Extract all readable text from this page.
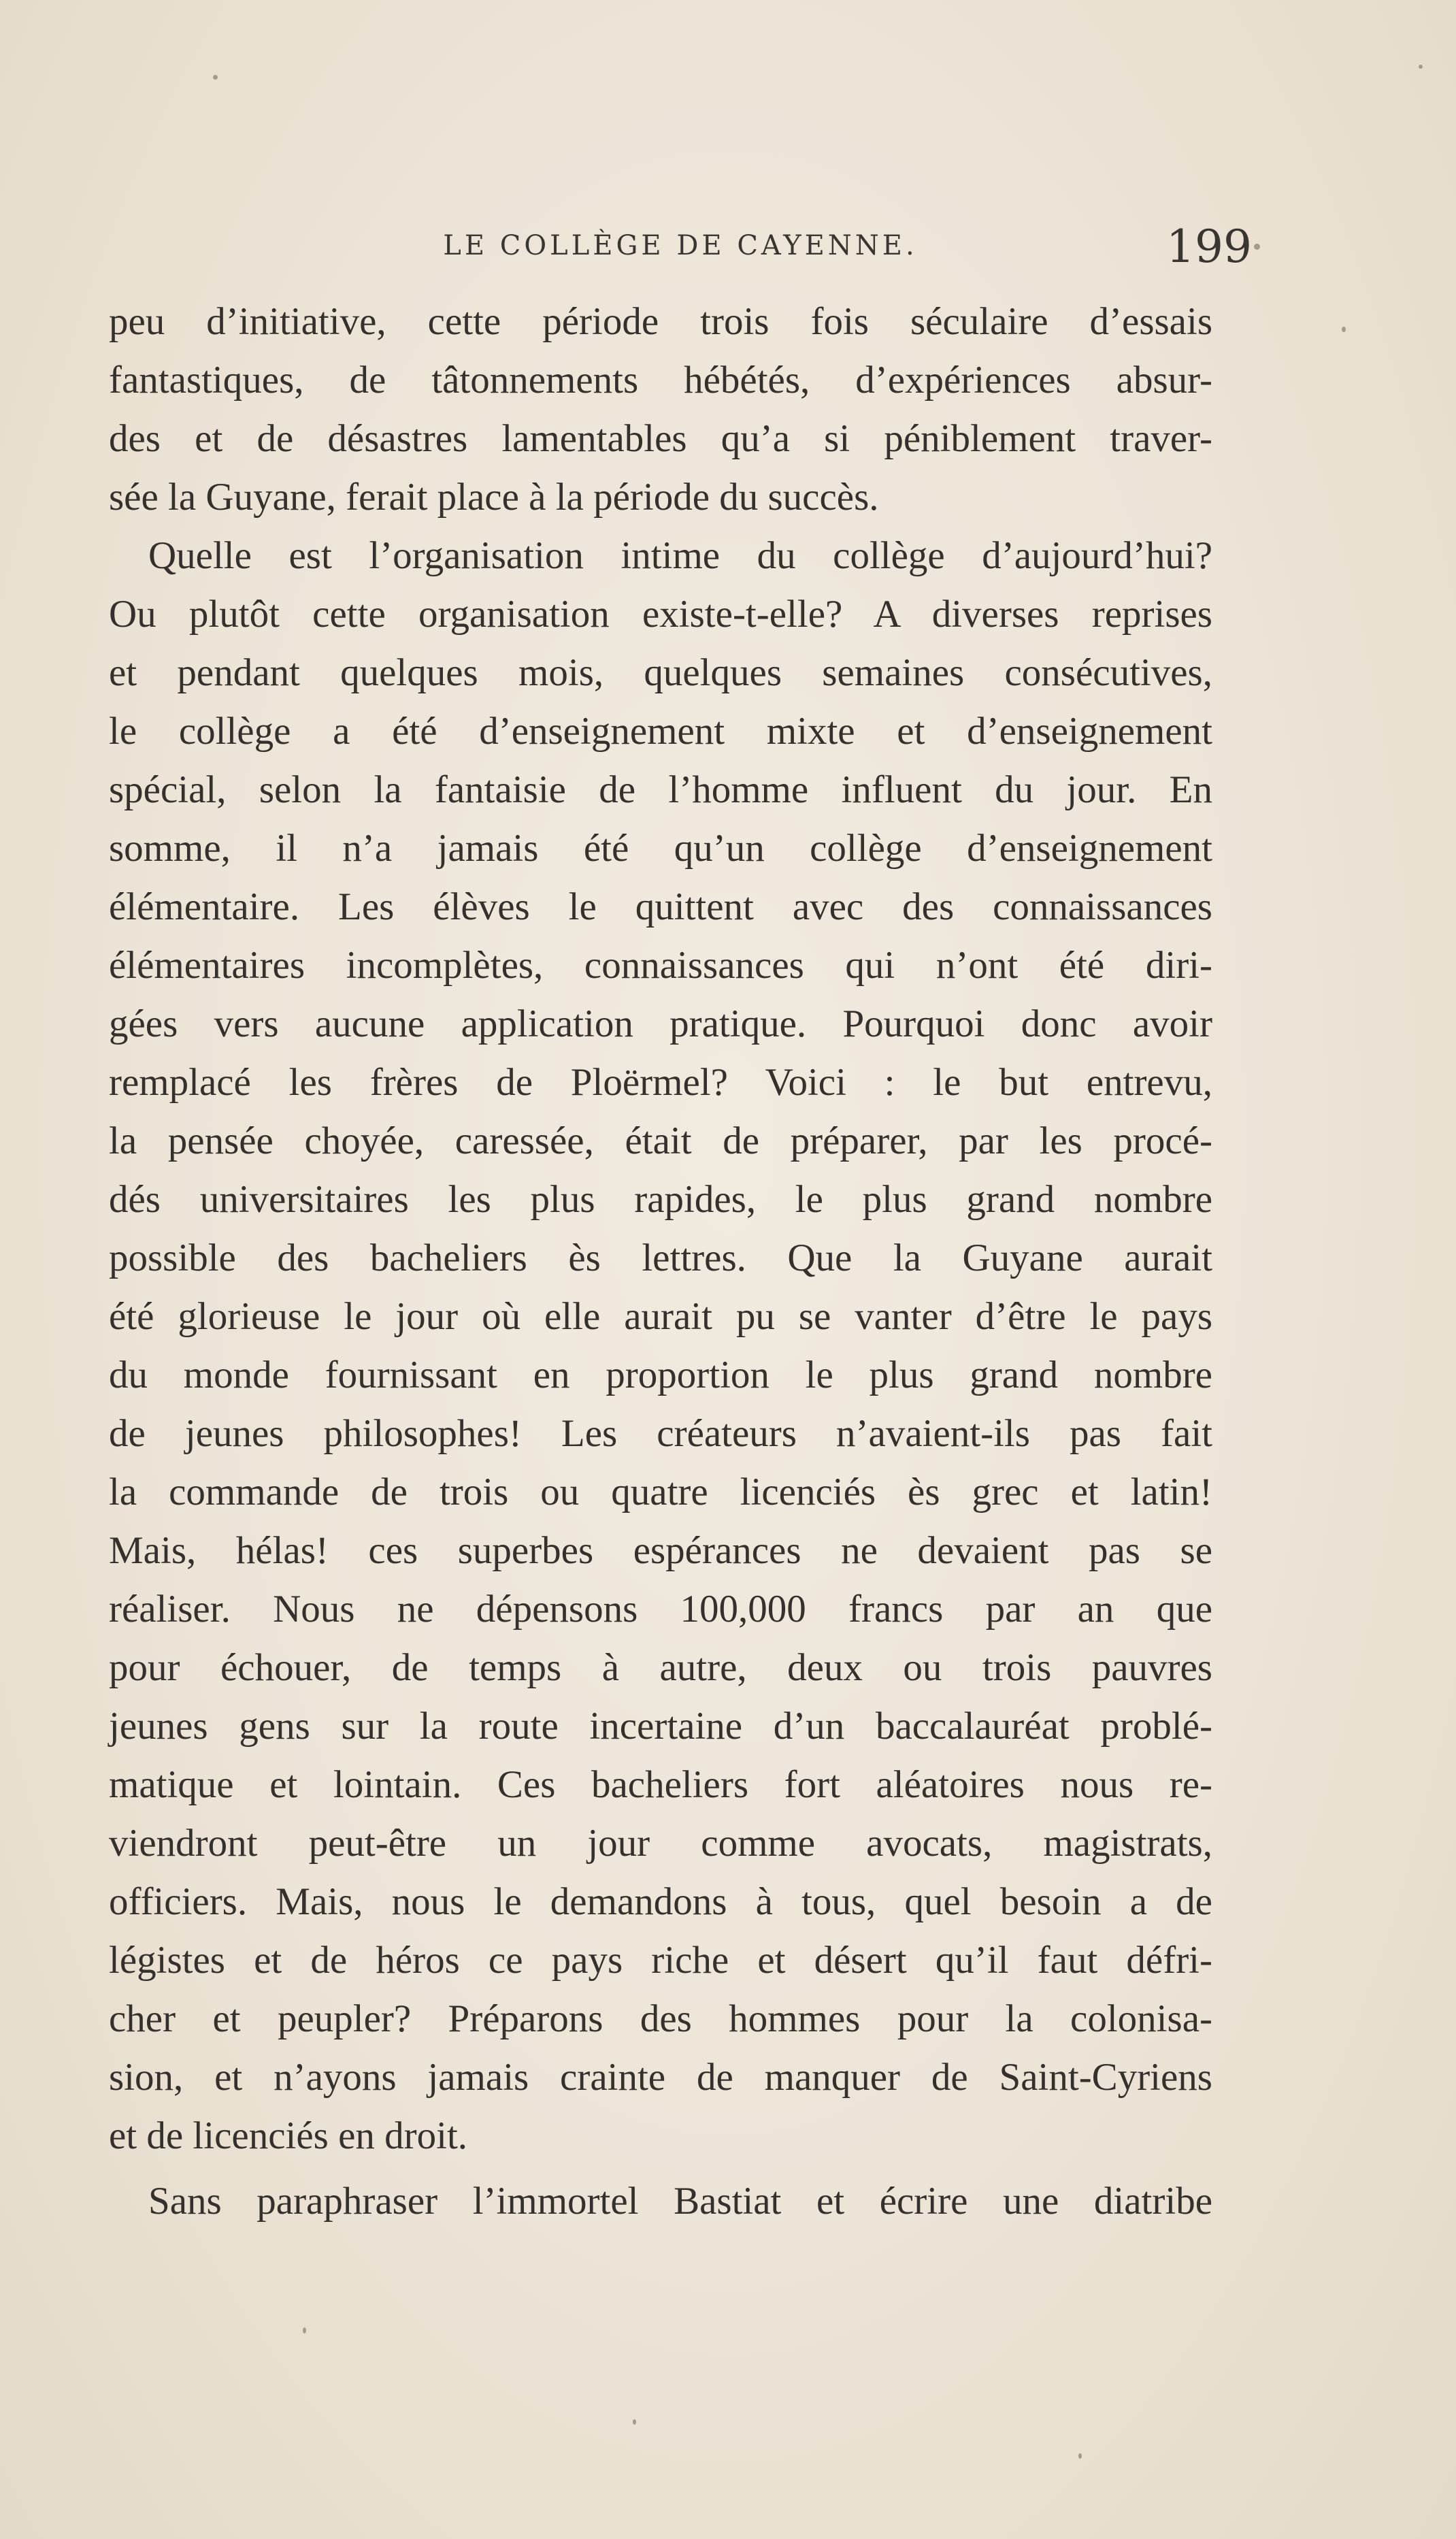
LE COLLÈGE DE CAYENNE.	199

peu d’initiative, cette période trois fois séculaire d’essais

fantastiques, de tâtonnements hébétés, d’expériences absur-

des et de désastres lamentables qu’a si péniblement traver-

sée la Guyane, ferait place à la période du succès.

Quelle est l’organisation intime du collège d’aujourd’hui?

Ou plutôt cette organisation existe-t-elle? A diverses reprises

et pendant quelques mois, quelques semaines consécutives,

le collège a été d’enseignement mixte et d’enseignement

spécial, selon la fantaisie de l’homme influent du jour. En

somme, il n’a jamais été qu’un collège d’enseignement

élémentaire. Les élèves le quittent avec des connaissances

élémentaires incomplètes, connaissances qui n’ont été diri-

gées vers aucune application pratique. Pourquoi donc avoir

remplacé les frères de Ploërmel? Voici : le but entrevu,

la pensée choyée, caressée, était de préparer, par les procé-

dés universitaires les plus rapides, le plus grand nombre

possible des bacheliers ès lettres. Que la Guyane aurait

été glorieuse le jour où elle aurait pu se vanter d’être le pays

du monde fournissant en proportion le plus grand nombre

de jeunes philosophes! Les créateurs n’avaient-ils pas fait

la commande de trois ou quatre licenciés ès grec et latin!

Mais, hélas! ces superbes espérances ne devaient pas se

réaliser. Nous ne dépensons 100,000 francs par an que

pour échouer, de temps à autre, deux ou trois pauvres

jeunes gens sur la route incertaine d’un baccalauréat problé-

matique et lointain. Ces bacheliers fort aléatoires nous re-

viendront peut-être un jour comme avocats, magistrats,

officiers. Mais, nous le demandons à tous, quel besoin a de

légistes et de héros ce pays riche et désert qu’il faut défri-

cher et peupler? Préparons des hommes pour la colonisa-

sion, et n’ayons jamais crainte de manquer de Saint-Cyriens

et de licenciés en droit.

Sans paraphraser l’immortel Bastiat et écrire une diatribe
